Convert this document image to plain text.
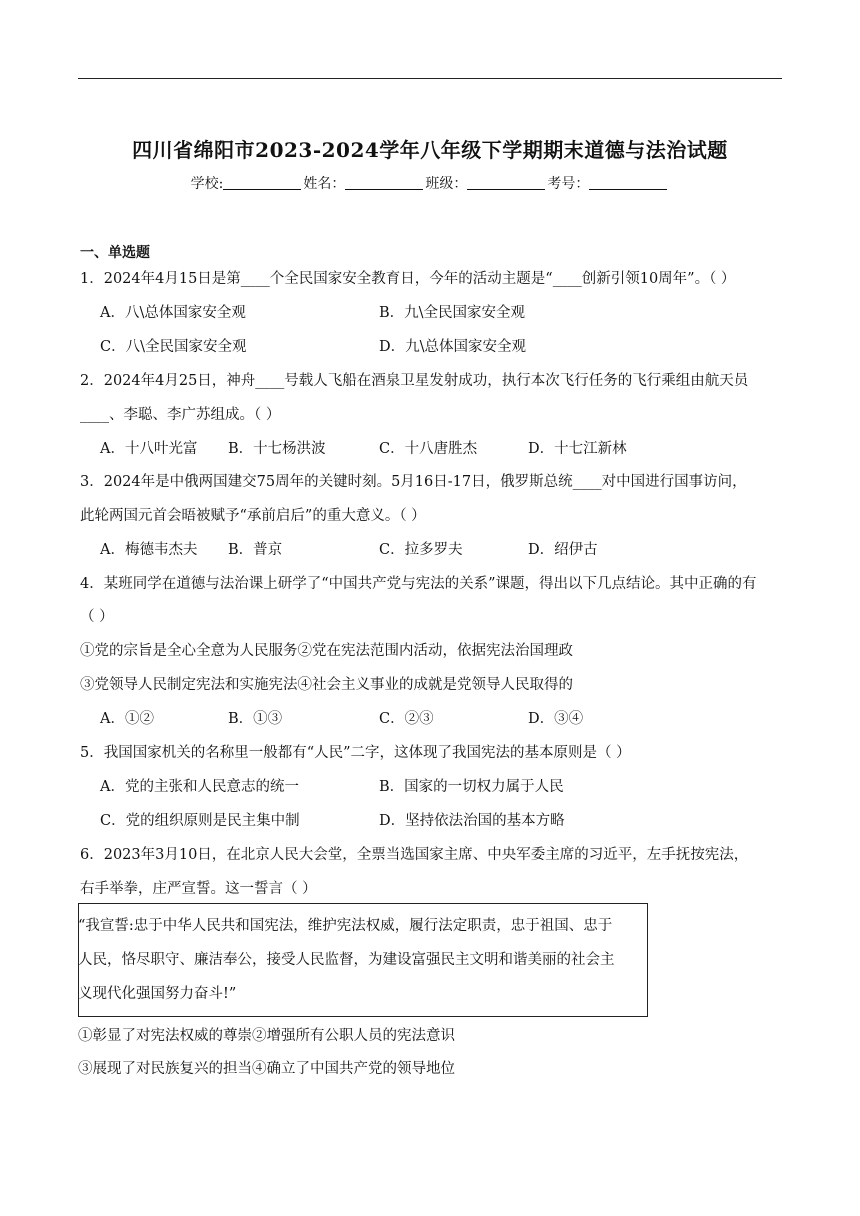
四川省绵阳市2023-2024学年八年级下学期期末道德与法治试题
学校:	姓名：	班级：	考号：
一、单选题
1．2024年4月15日是第____个全民国家安全教育日，今年的活动主题是“____创新引领10周年”。（ ）
A．八\总体国家安全观	B．九\全民国家安全观
C．八\全民国家安全观	D．九\总体国家安全观
2．2024年4月25日，神舟____号载人飞船在酒泉卫星发射成功，执行本次飞行任务的飞行乘组由航天员
____、李聪、李广苏组成。（ ）
A．十八叶光富 B．十七杨洪波	C．十八唐胜杰	D．十七江新林
3．2024年是中俄两国建交75周年的关键时刻。5月16日-17日，俄罗斯总统____对中国进行国事访问，
此轮两国元首会晤被赋予“承前启后”的重大意义。（ ）
A．梅德韦杰夫 B．普京	C．拉多罗夫	D．绍伊古
4．某班同学在道德与法治课上研学了“中国共产党与宪法的关系”课题，得出以下几点结论。其中正确的有
（ ）
①党的宗旨是全心全意为人民服务②党在宪法范围内活动，依据宪法治国理政
③党领导人民制定宪法和实施宪法④社会主义事业的成就是党领导人民取得的
A．①②	B．①③	C．②③	D．③④
5．我国国家机关的名称里一般都有“人民”二字，这体现了我国宪法的基本原则是（ ）
A．党的主张和人民意志的统一	B．国家的一切权力属于人民
C．党的组织原则是民主集中制	D．坚持依法治国的基本方略
6．2023年3月10日，在北京人民大会堂，全票当选国家主席、中央军委主席的习近平，左手抚按宪法，
右手举拳，庄严宣誓。这一誓言（ ）
“我宣誓:忠于中华人民共和国宪法，维护宪法权威，履行法定职责，忠于祖国、忠于
人民，恪尽职守、廉洁奉公，接受人民监督，为建设富强民主文明和谐美丽的社会主
义现代化强国努力奋斗!”
①彰显了对宪法权威的尊崇②增强所有公职人员的宪法意识
③展现了对民族复兴的担当④确立了中国共产党的领导地位
